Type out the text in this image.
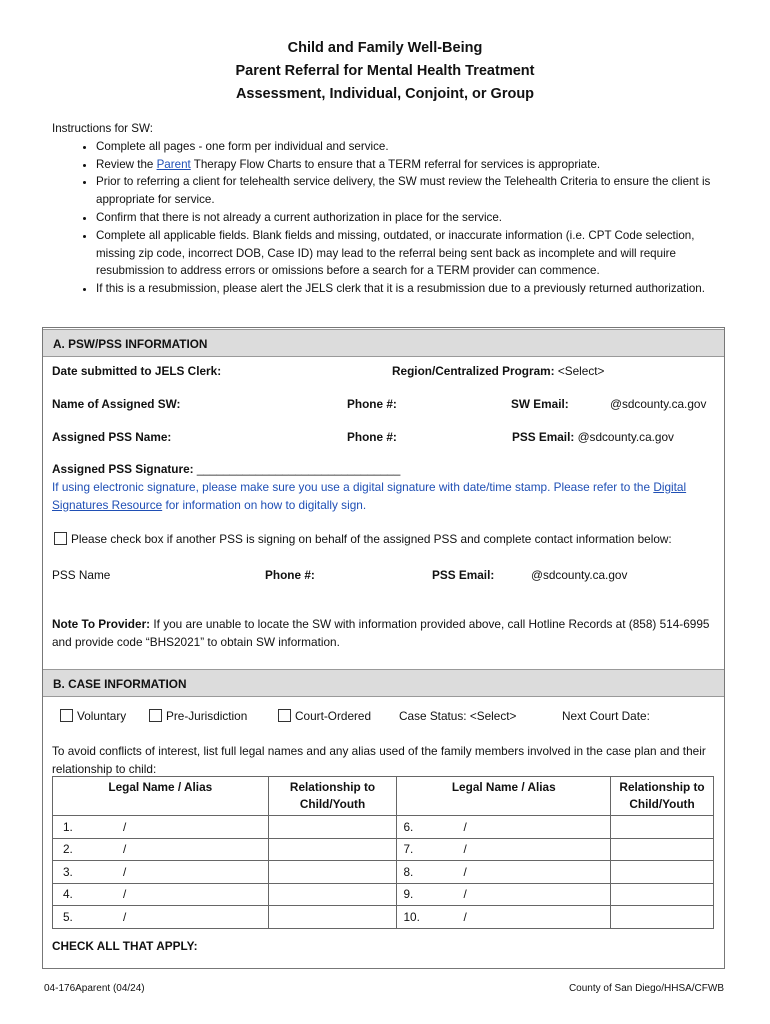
Child and Family Well-Being
Parent Referral for Mental Health Treatment
Assessment, Individual, Conjoint, or Group
Instructions for SW:
• Complete all pages - one form per individual and service.
• Review the Parent Therapy Flow Charts to ensure that a TERM referral for services is appropriate.
• Prior to referring a client for telehealth service delivery, the SW must review the Telehealth Criteria to ensure the client is appropriate for service.
• Confirm that there is not already a current authorization in place for the service.
• Complete all applicable fields. Blank fields and missing, outdated, or inaccurate information (i.e. CPT Code selection, missing zip code, incorrect DOB, Case ID) may lead to the referral being sent back as incomplete and will require resubmission to address errors or omissions before a search for a TERM provider can commence.
• If this is a resubmission, please alert the JELS clerk that it is a resubmission due to a previously returned authorization.
A. PSW/PSS INFORMATION
Date submitted to JELS Clerk:	Region/Centralized Program: <Select>
Name of Assigned SW:	Phone #:	SW Email:	@sdcounty.ca.gov
Assigned PSS Name:	Phone #:	PSS Email: @sdcounty.ca.gov
Assigned PSS Signature: _______________________________
If using electronic signature, please make sure you use a digital signature with date/time stamp. Please refer to the Digital Signatures Resource for information on how to digitally sign.
Please check box if another PSS is signing on behalf of the assigned PSS and complete contact information below:
PSS Name	Phone #:	PSS Email:	@sdcounty.ca.gov
Note To Provider: If you are unable to locate the SW with information provided above, call Hotline Records at (858) 514-6995 and provide code “BHS2021” to obtain SW information.
B. CASE INFORMATION
Voluntary	Pre-Jurisdiction	Court-Ordered Case Status: <Select>	Next Court Date:
To avoid conflicts of interest, list full legal names and any alias used of the family members involved in the case plan and their relationship to child:
Legal Name / Alias	Relationship to Child/Youth	Legal Name / Alias	Relationship to Child/Youth
1. /		6. /	
2. /		7. /	
3. /		8. /	
4. /		9. /	
5. /		10. /	
CHECK ALL THAT APPLY:
04-176Aparent (04/24)	County of San Diego/HHSA/CFWB
